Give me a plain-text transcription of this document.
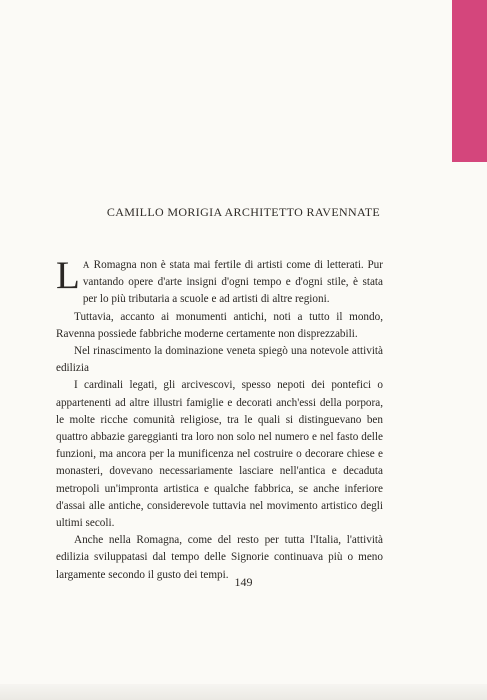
CAMILLO MORIGIA ARCHITETTO RAVENNATE

L A Romagna non è stata mai fertile di artisti come di letterati. Pur vantando opere d'arte insigni d'ogni tempo e d'ogni stile, è stata per lo più tributaria a scuole e ad artisti di altre regioni.

Tuttavia, accanto ai monumenti antichi, noti a tutto il mondo, Ravenna possiede fabbriche moderne certamente non disprezzabili.

Nel rinascimento la dominazione veneta spiegò una notevole attività edilizia

I cardinali legati, gli arcivescovi, spesso nepoti dei pontefici o appartenenti ad altre illustri famiglie e decorati anch'essi della porpora, le molte ricche comunità religiose, tra le quali si distinguevano ben quattro abbazie gareggianti tra loro non solo nel numero e nel fasto delle funzioni, ma ancora per la munificenza nel costruire o decorare chiese e monasteri, dovevano necessariamente lasciare nell'antica e decaduta metropoli un'impronta artistica e qualche fabbrica, se anche inferiore d'assai alle antiche, considerevole tuttavia nel movimento artistico degli ultimi secoli.

Anche nella Romagna, come del resto per tutta l'Italia, l'attività edilizia sviluppatasi dal tempo delle Signorie continuava più o meno largamente secondo il gusto dei tempi.

149
